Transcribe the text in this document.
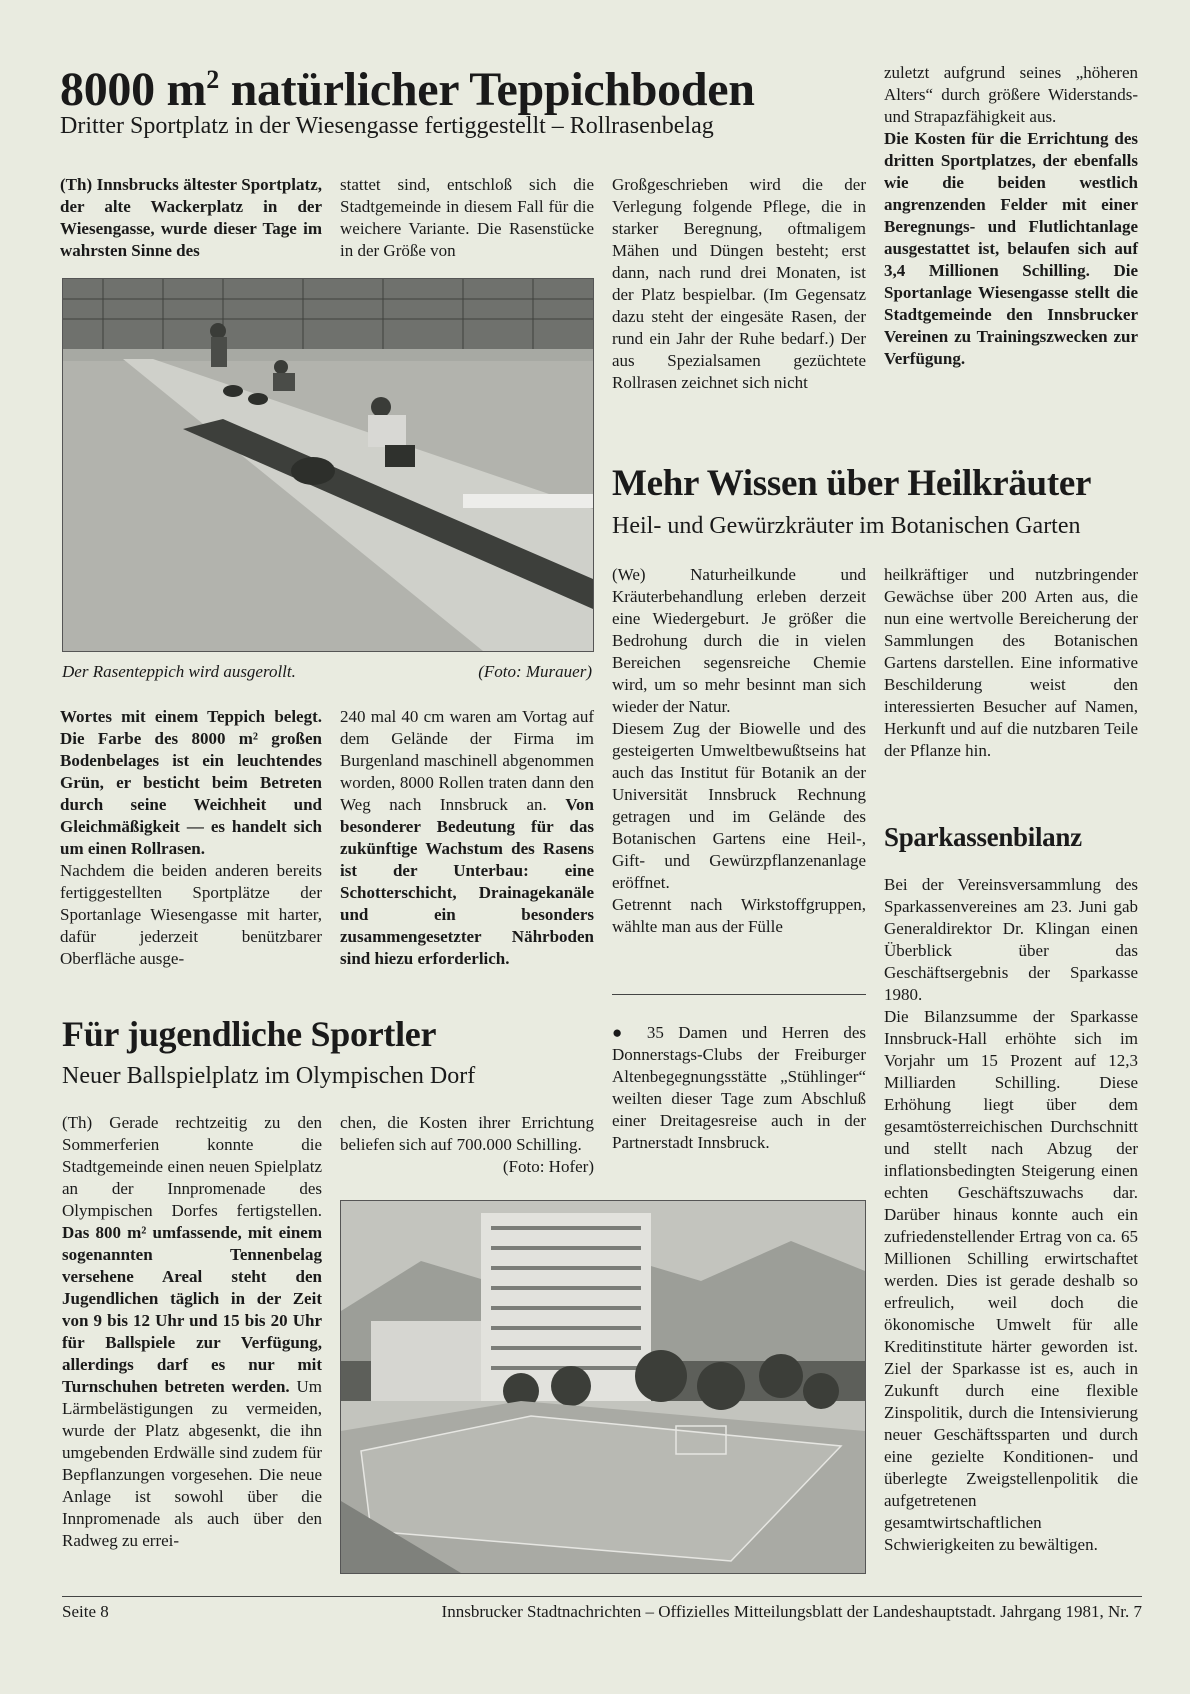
8000 $m^2$ natürlicher Teppichboden
Dritter Sportplatz in der Wiesengasse fertiggestellt – Rollrasenbelag
(Th) Innsbrucks ältester Sportplatz, der alte Wackerplatz in der Wiesengasse, wurde dieser Tage im wahrsten Sinne des
stattet sind, entschloß sich die Stadtgemeinde in diesem Fall für die weichere Variante. Die Rasenstücke in der Größe von
Der Rasenteppich wird ausgerollt.	(Foto: Murauer)

Wortes mit einem Teppich belegt. Die Farbe des 8000 m² großen Bodenbelages ist ein leuchtendes Grün, er besticht beim Betreten durch seine Weichheit und Gleichmäßigkeit — es handelt sich um einen Rollrasen.

Nachdem die beiden anderen bereits fertiggestellten Sportplätze der Sportanlage Wiesengasse mit harter, dafür jederzeit benützbarer Oberfläche ausge-

240 mal 40 cm waren am Vortag auf dem Gelände der Firma im Burgenland maschinell abgenommen worden, 8000 Rollen traten dann den Weg nach Innsbruck an. Von besonderer Bedeutung für das zukünftige Wachstum des Rasens ist der Unterbau: eine Schotterschicht, Drainagekanäle und ein besonders zusammengesetzter Nährboden sind hiezu erforderlich.
Großgeschrieben wird die der Verlegung folgende Pflege, die in starker Beregnung, oftmaligem Mähen und Düngen besteht; erst dann, nach rund drei Monaten, ist der Platz bespielbar. (Im Gegensatz dazu steht der eingesäte Rasen, der rund ein Jahr der Ruhe bedarf.) Der aus Spezialsamen gezüchtete Rollrasen zeichnet sich nicht

zuletzt aufgrund seines „höheren Alters“ durch größere Widerstands- und Strapazfähigkeit aus.

Die Kosten für die Errichtung des dritten Sportplatzes, der ebenfalls wie die beiden westlich angrenzenden Felder mit einer Beregnungs- und Flutlichtanlage ausgestattet ist, belaufen sich auf 3,4 Millionen Schilling. Die Sportanlage Wiesengasse stellt die Stadtgemeinde den Innsbrucker Vereinen zu Trainingszwecken zur Verfügung.

Mehr Wissen über Heilkräuter
Heil- und Gewürzkräuter im Botanischen Garten

(We) Naturheilkunde und Kräuterbehandlung erleben derzeit eine Wiedergeburt. Je größer die Bedrohung durch die in vielen Bereichen segensreiche Chemie wird, um so mehr besinnt man sich wieder der Natur.

Diesem Zug der Biowelle und des gesteigerten Umweltbewußtseins hat auch das Institut für Botanik an der Universität Innsbruck Rechnung getragen und im Gelände des Botanischen Gartens eine Heil-, Gift- und Gewürzpflanzenanlage eröffnet.

Getrennt nach Wirkstoffgruppen, wählte man aus der Fülle

heilkräftiger und nutzbringender Gewächse über 200 Arten aus, die nun eine wertvolle Bereicherung der Sammlungen des Botanischen Gartens darstellen. Eine informative Beschilderung weist den interessierten Besucher auf Namen, Herkunft und auf die nutzbaren Teile der Pflanze hin.
● 35 Damen und Herren des Donnerstags-Clubs der Freiburger Altenbegegnungsstätte „Stühlinger“ weilten dieser Tage zum Abschluß einer Dreitagesreise auch in der Partnerstadt Innsbruck.
Sparkassenbilanz

Bei der Vereinsversammlung des Sparkassenvereines am 23. Juni gab Generaldirektor Dr. Klingan einen Überblick über das Geschäftsergebnis der Sparkasse 1980.

Die Bilanzsumme der Sparkasse Innsbruck-Hall erhöhte sich im Vorjahr um 15 Prozent auf 12,3 Milliarden Schilling. Diese Erhöhung liegt über dem gesamtösterreichischen Durchschnitt und stellt nach Abzug der inflationsbedingten Steigerung einen echten Geschäftszuwachs dar. Darüber hinaus konnte auch ein zufriedenstellender Ertrag von ca. 65 Millionen Schilling erwirtschaftet werden. Dies ist gerade deshalb so erfreulich, weil doch die ökonomische Umwelt für alle Kreditinstitute härter geworden ist. Ziel der Sparkasse ist es, auch in Zukunft durch eine flexible Zinspolitik, durch die Intensivierung neuer Geschäftssparten und durch eine gezielte Konditionen- und überlegte Zweigstellenpolitik die aufgetretenen gesamtwirtschaftlichen Schwierigkeiten zu bewältigen.

Für jugendliche Sportler
Neuer Ballspielplatz im Olympischen Dorf
(Th) Gerade rechtzeitig zu den Sommerferien konnte die Stadtgemeinde einen neuen Spielplatz an der Innpromenade des Olympischen Dorfes fertigstellen. Das 800 m² umfassende, mit einem sogenannten Tennenbelag versehene Areal steht den Jugendlichen täglich in der Zeit von 9 bis 12 Uhr und 15 bis 20 Uhr für Ballspiele zur Verfügung, allerdings darf es nur mit Turnschuhen betreten werden. Um Lärmbelästigungen zu vermeiden, wurde der Platz abgesenkt, die ihn umgebenden Erdwälle sind zudem für Bepflanzungen vorgesehen. Die neue Anlage ist sowohl über die Innpromenade als auch über den Radweg zu errei-
chen, die Kosten ihrer Errichtung beliefen sich auf 700.000 Schilling.
(Foto: Hofer)
Seite 8	Innsbrucker Stadtnachrichten – Offizielles Mitteilungsblatt der Landeshauptstadt. Jahrgang 1981, Nr. 7
